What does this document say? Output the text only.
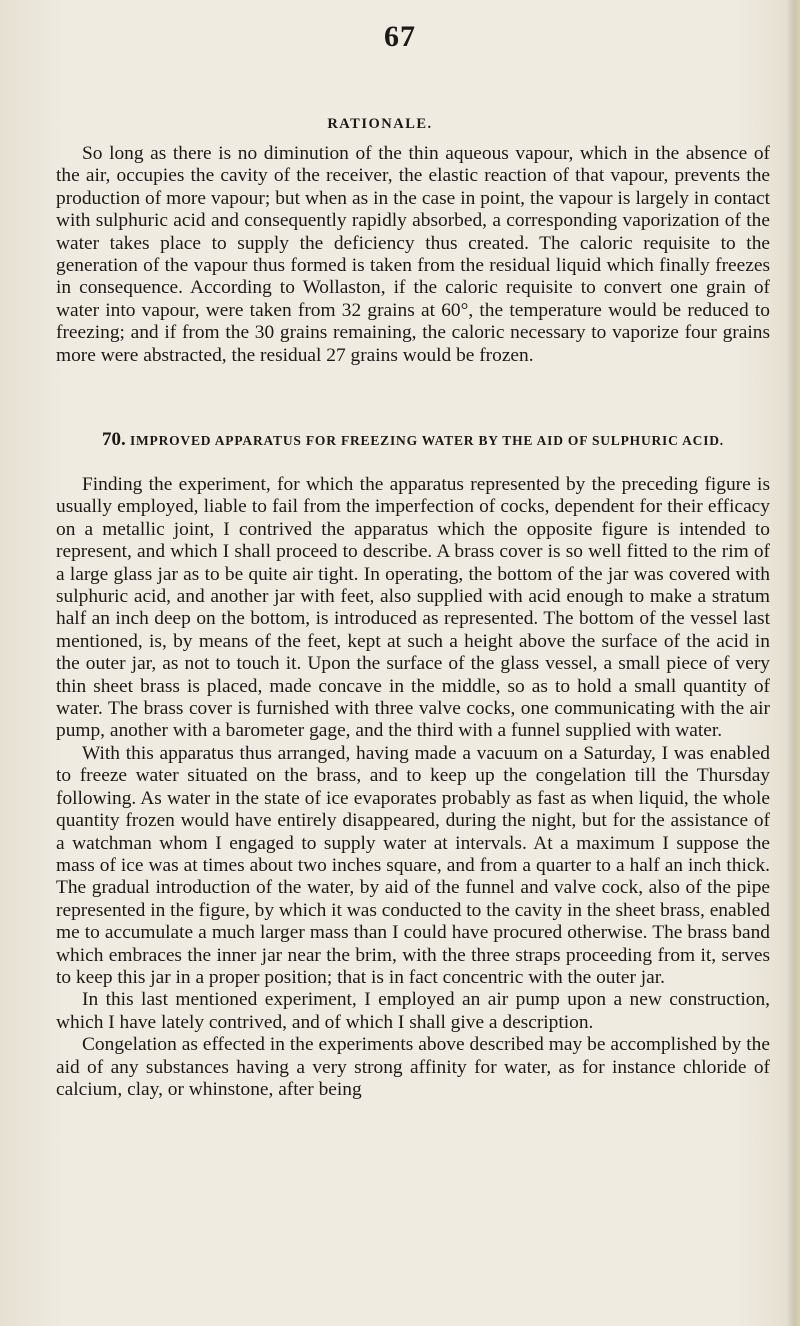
67
RATIONALE.

So long as there is no diminution of the thin aqueous vapour, which in the absence of the air, occupies the cavity of the receiver, the elastic reaction of that vapour, prevents the production of more vapour; but when as in the case in point, the vapour is largely in contact with sulphuric acid and consequently rapidly absorbed, a corresponding vaporization of the water takes place to supply the deficiency thus created. The caloric requisite to the generation of the vapour thus formed is taken from the residual liquid which finally freezes in consequence. According to Wollaston, if the caloric requisite to convert one grain of water into vapour, were taken from 32 grains at 60°, the temperature would be reduced to freezing; and if from the 30 grains remaining, the caloric necessary to vaporize four grains more were abstracted, the residual 27 grains would be frozen.

70. IMPROVED APPARATUS FOR FREEZING WATER BY THE AID OF SULPHURIC ACID.

Finding the experiment, for which the apparatus represented by the preceding figure is usually employed, liable to fail from the imperfection of cocks, dependent for their efficacy on a metallic joint, I contrived the apparatus which the opposite figure is intended to represent, and which I shall proceed to describe. A brass cover is so well fitted to the rim of a large glass jar as to be quite air tight. In operating, the bottom of the jar was covered with sulphuric acid, and another jar with feet, also supplied with acid enough to make a stratum half an inch deep on the bottom, is introduced as represented. The bottom of the vessel last mentioned, is, by means of the feet, kept at such a height above the surface of the acid in the outer jar, as not to touch it. Upon the surface of the glass vessel, a small piece of very thin sheet brass is placed, made concave in the middle, so as to hold a small quantity of water. The brass cover is furnished with three valve cocks, one communicating with the air pump, another with a barometer gage, and the third with a funnel supplied with water.

With this apparatus thus arranged, having made a vacuum on a Saturday, I was enabled to freeze water situated on the brass, and to keep up the congelation till the Thursday following. As water in the state of ice evaporates probably as fast as when liquid, the whole quantity frozen would have entirely disappeared, during the night, but for the assistance of a watchman whom I engaged to supply water at intervals. At a maximum I suppose the mass of ice was at times about two inches square, and from a quarter to a half an inch thick. The gradual introduction of the water, by aid of the funnel and valve cock, also of the pipe represented in the figure, by which it was conducted to the cavity in the sheet brass, enabled me to accumulate a much larger mass than I could have procured otherwise. The brass band which embraces the inner jar near the brim, with the three straps proceeding from it, serves to keep this jar in a proper position; that is in fact concentric with the outer jar.

In this last mentioned experiment, I employed an air pump upon a new construction, which I have lately contrived, and of which I shall give a description.

Congelation as effected in the experiments above described may be accomplished by the aid of any substances having a very strong affinity for water, as for instance chloride of calcium, clay, or whinstone, after being
